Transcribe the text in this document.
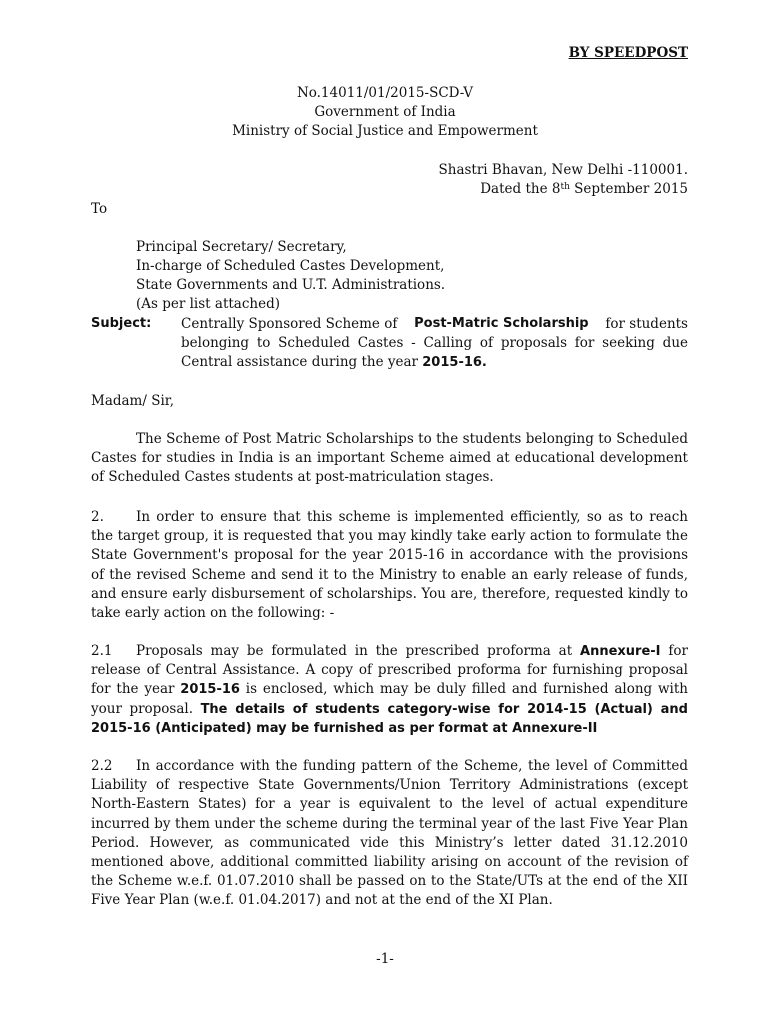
BY SPEEDPOST
No.14011/01/2015-SCD-V
Government of India
Ministry of Social Justice and Empowerment
Shastri Bhavan, New Delhi -110001.
Dated the 8th September 2015
To
Principal Secretary/ Secretary,
In-charge of Scheduled Castes Development,
State Governments and U.T. Administrations.
(As per list attached)
Subject: Centrally Sponsored Scheme of Post-Matric Scholarship for students
belonging to Scheduled Castes - Calling of proposals for seeking due
Central assistance during the year 2015-16.
Madam/ Sir,

The Scheme of Post Matric Scholarships to the students belonging to Scheduled Castes for studies in India is an important Scheme aimed at educational development of Scheduled Castes students at post-matriculation stages.

2. In order to ensure that this scheme is implemented efficiently, so as to reach the target group, it is requested that you may kindly take early action to formulate the State Government's proposal for the year 2015-16 in accordance with the provisions of the revised Scheme and send it to the Ministry to enable an early release of funds, and ensure early disbursement of scholarships. You are, therefore, requested kindly to take early action on the following: -

2.1 Proposals may be formulated in the prescribed proforma at Annexure-I for release of Central Assistance. A copy of prescribed proforma for furnishing proposal for the year 2015-16 is enclosed, which may be duly filled and furnished along with your proposal. The details of students category-wise for 2014-15 (Actual) and 2015-16 (Anticipated) may be furnished as per format at Annexure-II

2.2 In accordance with the funding pattern of the Scheme, the level of Committed Liability of respective State Governments/Union Territory Administrations (except North-Eastern States) for a year is equivalent to the level of actual expenditure incurred by them under the scheme during the terminal year of the last Five Year Plan Period. However, as communicated vide this Ministry’s letter dated 31.12.2010 mentioned above, additional committed liability arising on account of the revision of the Scheme w.e.f. 01.07.2010 shall be passed on to the State/UTs at the end of the XII Five Year Plan (w.e.f. 01.04.2017) and not at the end of the XI Plan.

-1-
